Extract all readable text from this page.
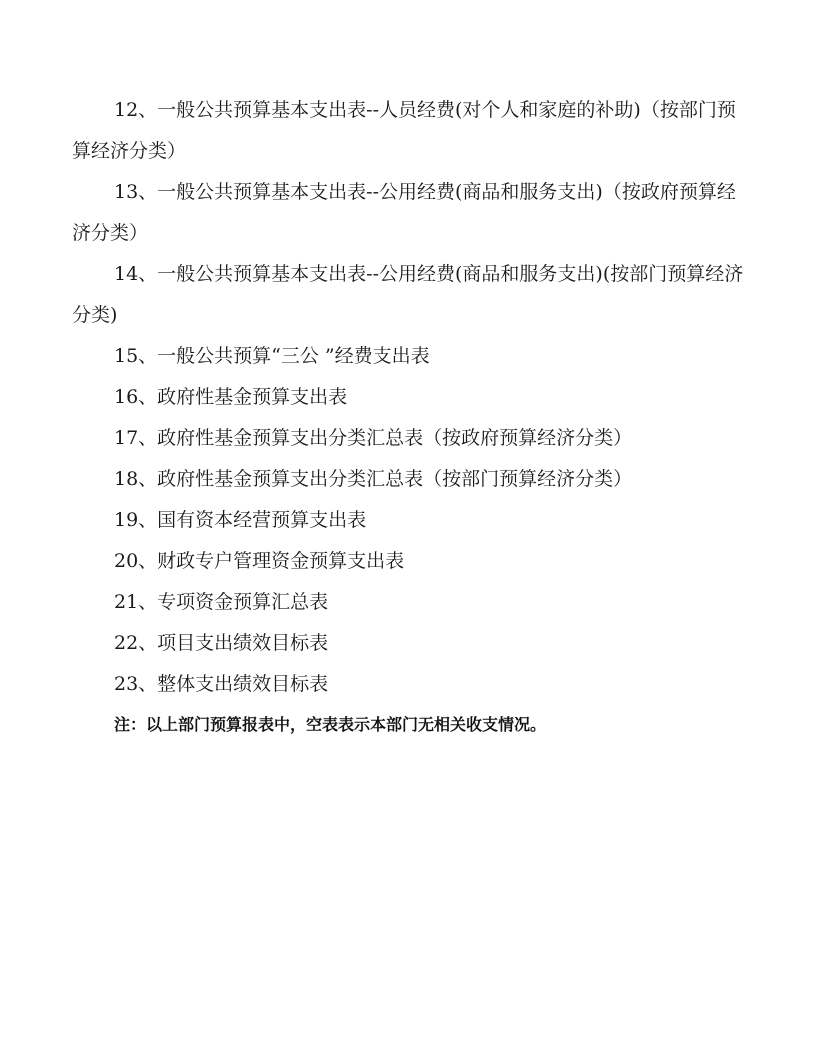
12、一般公共预算基本支出表--人员经费(对个人和家庭的补助)（按部门预算经济分类）

13、一般公共预算基本支出表--公用经费(商品和服务支出)（按政府预算经济分类）

14、一般公共预算基本支出表--公用经费(商品和服务支出)(按部门预算经济分类)

15、一般公共预算“三公 ”经费支出表

16、政府性基金预算支出表

17、政府性基金预算支出分类汇总表（按政府预算经济分类）

18、政府性基金预算支出分类汇总表（按部门预算经济分类）

19、国有资本经营预算支出表

20、财政专户管理资金预算支出表

21、专项资金预算汇总表

22、项目支出绩效目标表

23、整体支出绩效目标表

注：以上部门预算报表中，空表表示本部门无相关收支情况。
